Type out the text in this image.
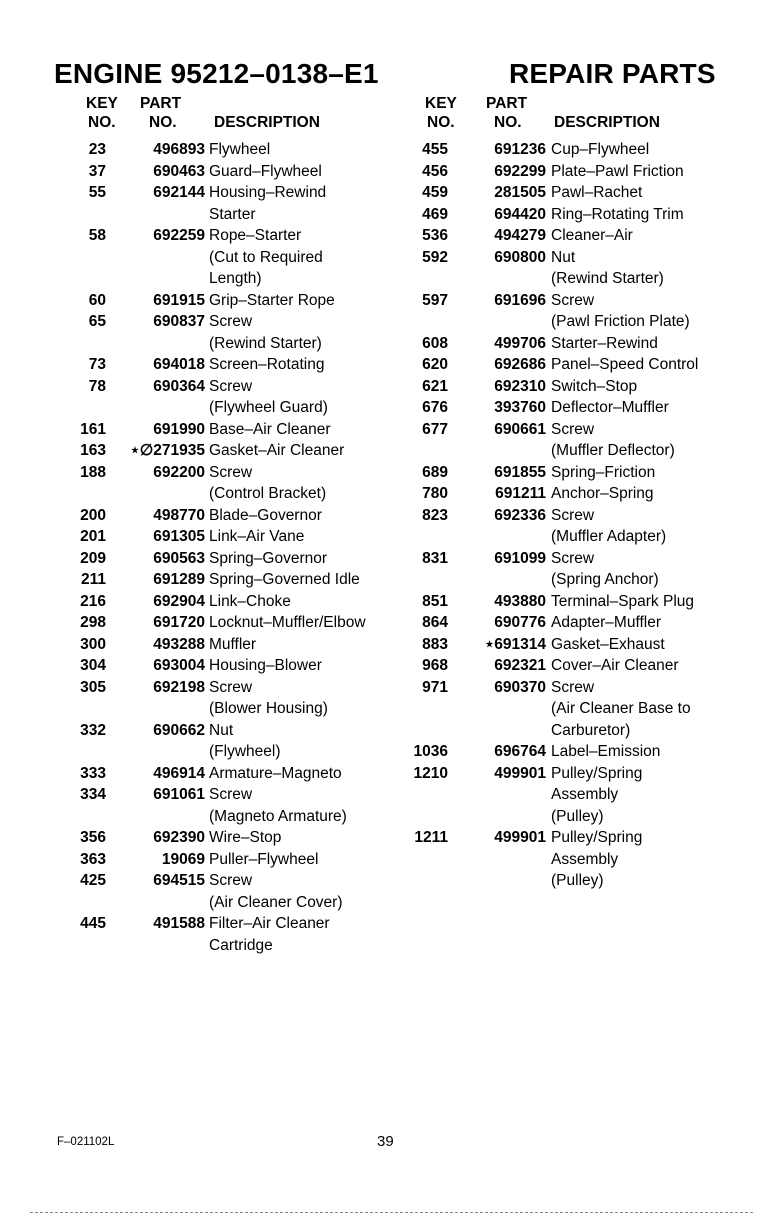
ENGINE 95212–0138–E1	REPAIR PARTS
KEY
NO.
PART
NO. DESCRIPTION
KEY
NO.
PART
NO. DESCRIPTION
23	496893 Flywheel
37	690463 Guard–Flywheel
55	692144 Housing–Rewind
Starter
58	692259 Rope–Starter
(Cut to Required
Length)
60	691915 Grip–Starter Rope
65	690837 Screw
(Rewind Starter)
73	694018 Screen–Rotating
78	690364 Screw
(Flywheel Guard)
161	691990 Base–Air Cleaner
163	⋆∅271935 Gasket–Air Cleaner
188	692200 Screw
(Control Bracket)
200	498770 Blade–Governor
201	691305 Link–Air Vane
209	690563 Spring–Governor
211	691289 Spring–Governed Idle
216	692904 Link–Choke
298	691720 Locknut–Muffler/Elbow
300	493288 Muffler
304	693004 Housing–Blower
305	692198 Screw
(Blower Housing)
332	690662 Nut
(Flywheel)
333	496914 Armature–Magneto
334	691061 Screw
(Magneto Armature)
356	692390 Wire–Stop
363	19069 Puller–Flywheel
425	694515 Screw
(Air Cleaner Cover)
445	491588 Filter–Air Cleaner
Cartridge
455	691236 Cup–Flywheel
456	692299 Plate–Pawl Friction
459	281505 Pawl–Rachet
469	694420 Ring–Rotating Trim
536	494279 Cleaner–Air
592	690800 Nut
(Rewind Starter)
597	691696 Screw
(Pawl Friction Plate)
608	499706 Starter–Rewind
620	692686 Panel–Speed Control
621	692310 Switch–Stop
676	393760 Deflector–Muffler
677	690661 Screw
(Muffler Deflector)
689	691855 Spring–Friction
780	691211 Anchor–Spring
823	692336 Screw
(Muffler Adapter)
831	691099 Screw
(Spring Anchor)
851	493880 Terminal–Spark Plug
864	690776 Adapter–Muffler
883	⋆691314 Gasket–Exhaust
968	692321 Cover–Air Cleaner
971	690370 Screw
(Air Cleaner Base to
Carburetor)
1036	696764 Label–Emission
1210	499901 Pulley/Spring
Assembly
(Pulley)
1211	499901 Pulley/Spring
Assembly
(Pulley)
F–021102L	39
